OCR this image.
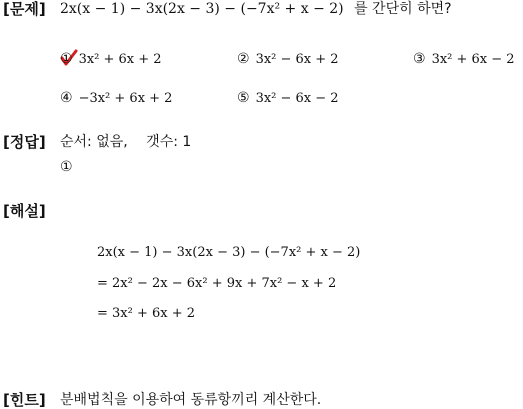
[문제] 2x(x − 1) − 3x(2x − 3) − (−7x² + x − 2) 를 간단히 하면?
① 3x² + 6x + 2	② 3x² − 6x + 2	③ 3x² + 6x − 2
④ −3x² + 6x + 2	⑤ 3x² − 6x − 2
[정답] 순서: 없음, 갯수: 1
①
[해설]
2x(x − 1) − 3x(2x − 3) − (−7x² + x − 2)
= 2x² − 2x − 6x² + 9x + 7x² − x + 2
= 3x² + 6x + 2
[힌트] 분배법칙을 이용하여 동류항끼리 계산한다.
